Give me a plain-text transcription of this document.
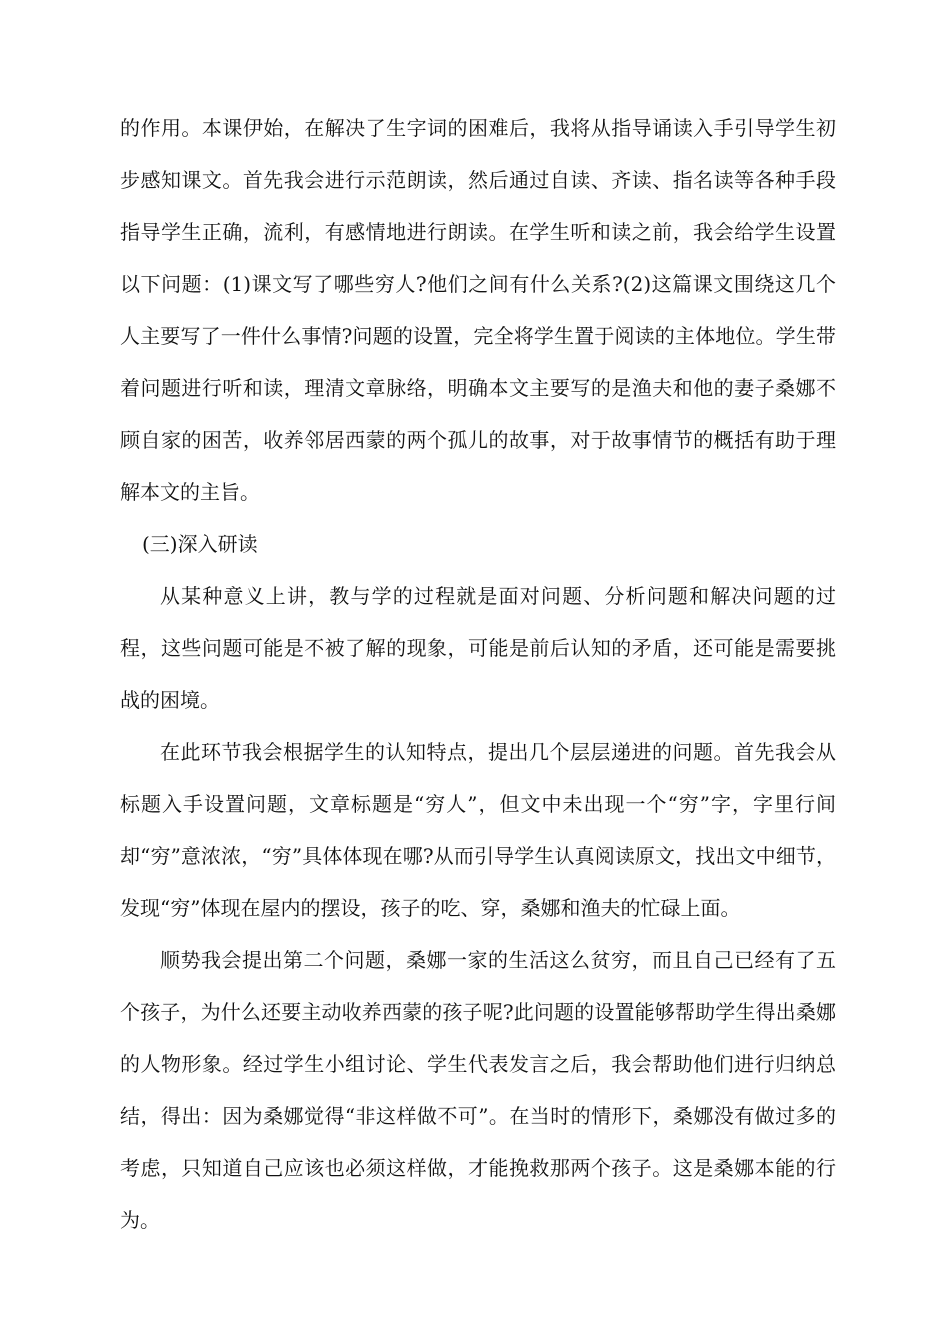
的作用。本课伊始，在解决了生字词的困难后，我将从指导诵读入手引导学生初步感知课文。首先我会进行示范朗读，然后通过自读、齐读、指名读等各种手段指导学生正确，流利，有感情地进行朗读。在学生听和读之前，我会给学生设置以下问题：(1)课文写了哪些穷人?他们之间有什么关系?(2)这篇课文围绕这几个人主要写了一件什么事情?问题的设置，完全将学生置于阅读的主体地位。学生带着问题进行听和读，理清文章脉络，明确本文主要写的是渔夫和他的妻子桑娜不顾自家的困苦，收养邻居西蒙的两个孤儿的故事，对于故事情节的概括有助于理解本文的主旨。

(三)深入研读

从某种意义上讲，教与学的过程就是面对问题、分析问题和解决问题的过程，这些问题可能是不被了解的现象，可能是前后认知的矛盾，还可能是需要挑战的困境。

在此环节我会根据学生的认知特点，提出几个层层递进的问题。首先我会从标题入手设置问题，文章标题是“穷人”，但文中未出现一个“穷”字，字里行间却“穷”意浓浓，“穷”具体体现在哪?从而引导学生认真阅读原文，找出文中细节，发现“穷”体现在屋内的摆设，孩子的吃、穿，桑娜和渔夫的忙碌上面。

顺势我会提出第二个问题，桑娜一家的生活这么贫穷，而且自己已经有了五个孩子，为什么还要主动收养西蒙的孩子呢?此问题的设置能够帮助学生得出桑娜的人物形象。经过学生小组讨论、学生代表发言之后，我会帮助他们进行归纳总结，得出：因为桑娜觉得“非这样做不可”。在当时的情形下，桑娜没有做过多的考虑，只知道自己应该也必须这样做，才能挽救那两个孩子。这是桑娜本能的行为。
